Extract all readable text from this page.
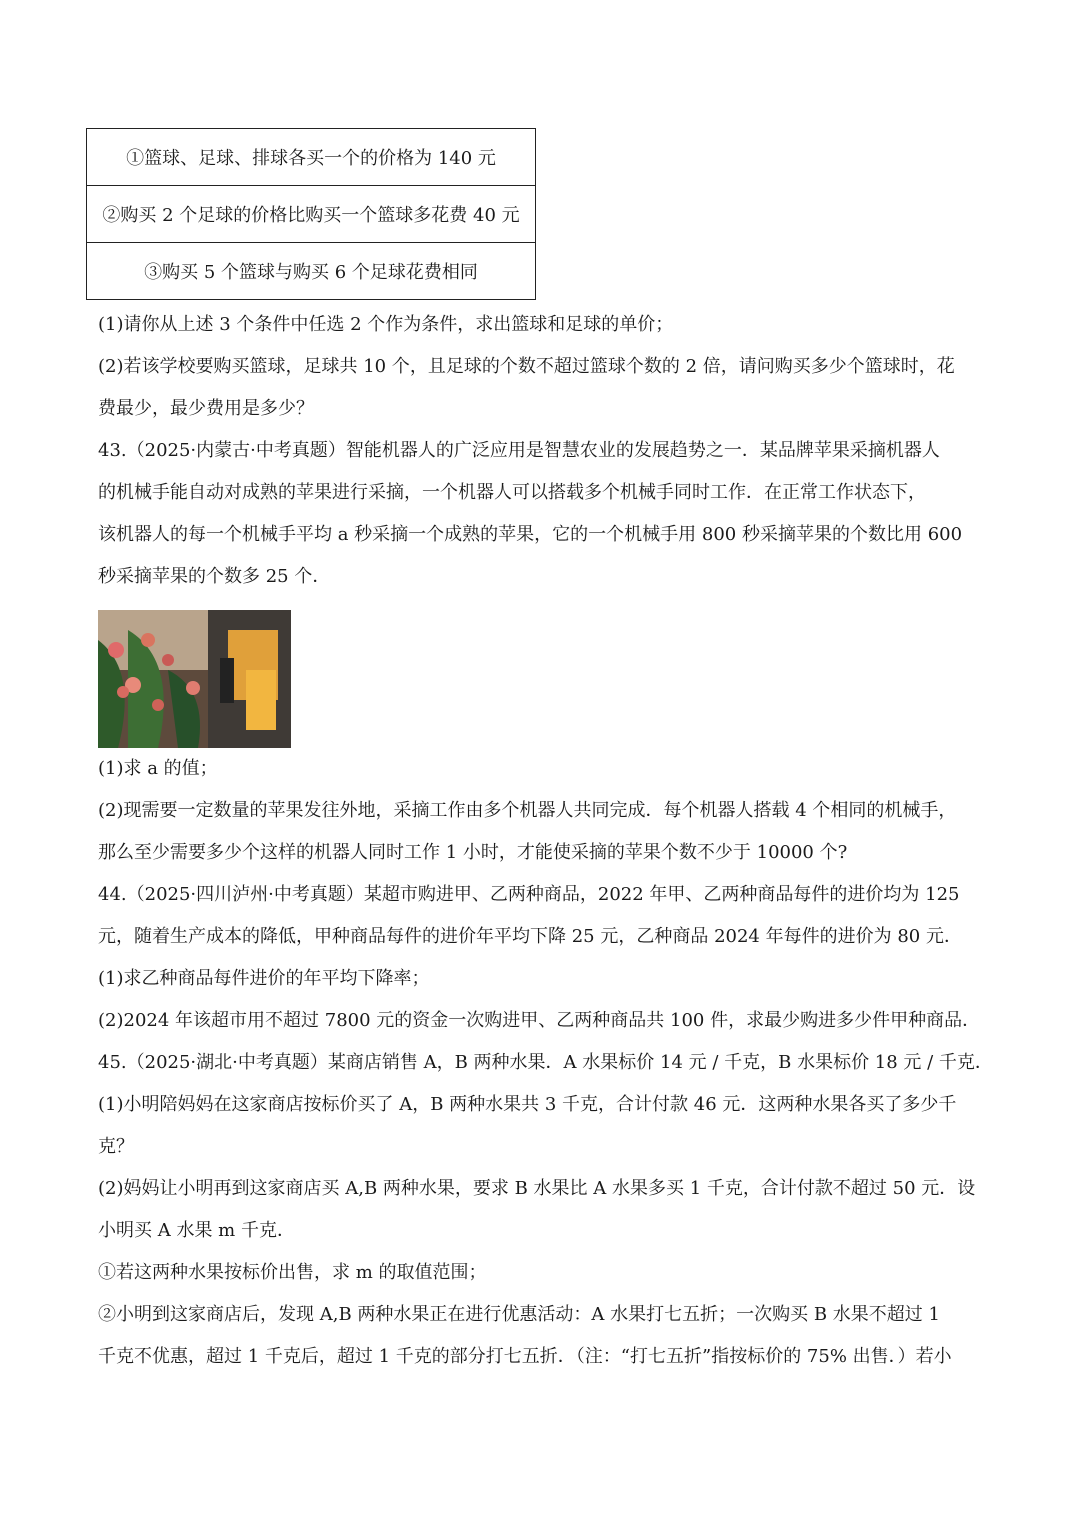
①篮球、足球、排球各买一个的价格为 140 元
②购买 2 个足球的价格比购买一个篮球多花费 40 元
③购买 5 个篮球与购买 6 个足球花费相同

(1)请你从上述 3 个条件中任选 2 个作为条件，求出篮球和足球的单价；

(2)若该学校要购买篮球，足球共 10 个，且足球的个数不超过篮球个数的 2 倍，请问购买多少个篮球时，花

费最少，最少费用是多少？

43.（2025·内蒙古·中考真题）智能机器人的广泛应用是智慧农业的发展趋势之一．某品牌苹果采摘机器人

的机械手能自动对成熟的苹果进行采摘，一个机器人可以搭载多个机械手同时工作．在正常工作状态下，

该机器人的每一个机械手平均 a 秒采摘一个成熟的苹果，它的一个机械手用 800 秒采摘苹果的个数比用 600

秒采摘苹果的个数多 25 个．

(1)求 a 的值；

(2)现需要一定数量的苹果发往外地，采摘工作由多个机器人共同完成．每个机器人搭载 4 个相同的机械手，

那么至少需要多少个这样的机器人同时工作 1 小时，才能使采摘的苹果个数不少于 10000 个?

44.（2025·四川泸州·中考真题）某超市购进甲、乙两种商品，2022 年甲、乙两种商品每件的进价均为 125

元，随着生产成本的降低，甲种商品每件的进价年平均下降 25 元，乙种商品 2024 年每件的进价为 80 元．

(1)求乙种商品每件进价的年平均下降率；

(2)2024 年该超市用不超过 7800 元的资金一次购进甲、乙两种商品共 100 件，求最少购进多少件甲种商品．

45.（2025·湖北·中考真题）某商店销售 A，B 两种水果．A 水果标价 14 元 / 千克，B 水果标价 18 元 / 千克．

(1)小明陪妈妈在这家商店按标价买了 A，B 两种水果共 3 千克，合计付款 46 元．这两种水果各买了多少千

克？

(2)妈妈让小明再到这家商店买 A,B 两种水果，要求 B 水果比 A 水果多买 1 千克，合计付款不超过 50 元．设

小明买 A 水果 m 千克．

①若这两种水果按标价出售，求 m 的取值范围；

②小明到这家商店后，发现 A,B 两种水果正在进行优惠活动：A 水果打七五折；一次购买 B 水果不超过 1

千克不优惠，超过 1 千克后，超过 1 千克的部分打七五折．（注：“打七五折”指按标价的 75% 出售．）若小
